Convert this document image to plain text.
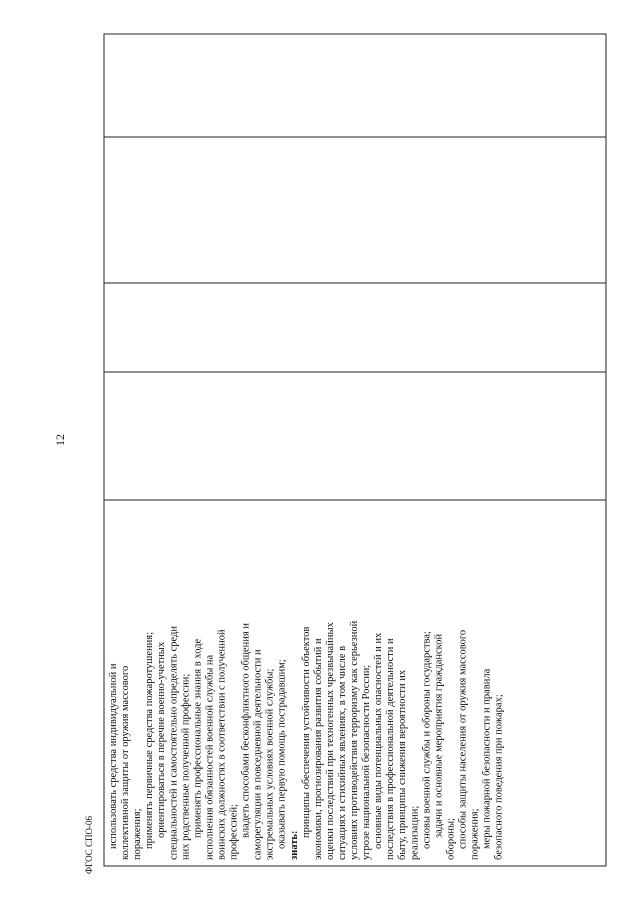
12
ФГОС СПО-06 использовать средства индивидуальной и коллективной защиты от оружия массового поражения; применять первичные средства пожаротушения; ориентироваться в перечне военно-учетных специальностей и самостоятельно определять среди них родственные полученной профессии; применять профессиональные знания в ходе исполнения обязанностей военной службы на воинских должностях в соответствии с полученной профессией; владеть способами бесконфликтного общения и саморегуляции в повседневной деятельности и экстремальных условиях военной службы; оказывать первую помощь пострадавшим; знать:
принципы обеспечения устойчивости объектов экономики, прогнозирования развития событий и оценки последствий при техногенных чрезвычайных ситуациях и стихийных явлениях, в том числе в условиях противодействия терроризму как серьезной угрозе национальной безопасности России; основные виды потенциальных опасностей и их последствия в профессиональной деятельности и быту, принципы снижения вероятности их реализации; основы военной службы и обороны государства; задачи и основные мероприятия гражданской
обороны; способы защиты населения от оружия массового поражения; меры пожарной безопасности и правила безопасного поведения при пожарах;
